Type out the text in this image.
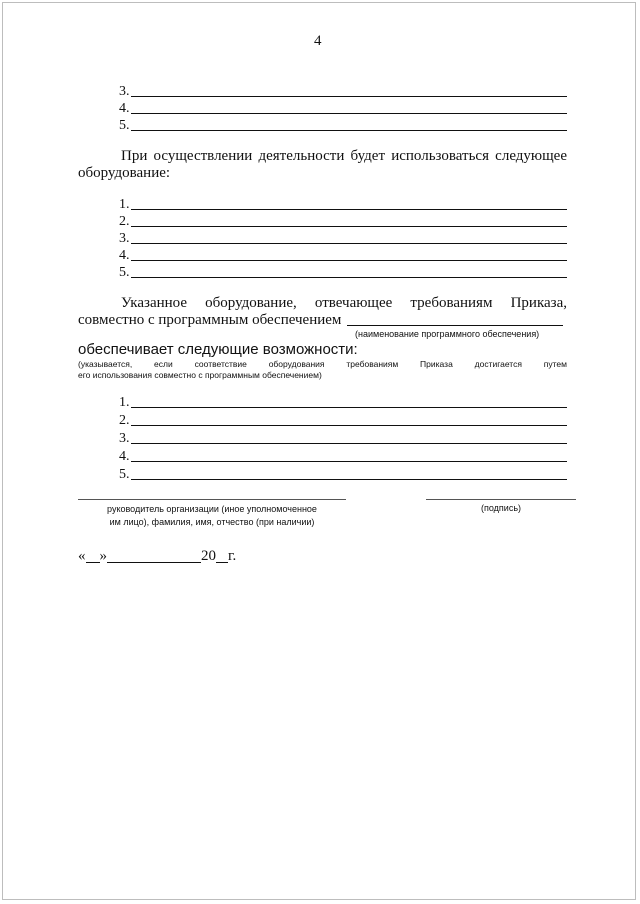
4
3.
4.
5.
При осуществлении деятельности будет использоваться следующее
оборудование:
1.
2.
3.
4.
5.
Указанное оборудование, отвечающее требованиям Приказа,
совместно с программным обеспечением
(наименование программного обеспечения)
обеспечивает следующие возможности:
(указывается, если соответствие оборудования требованиям Приказа достигается путем
его использования совместно с программным обеспечением)
1.
2.
3.
4.
5.
руководитель организации (иное уполномоченное
им лицо), фамилия, имя, отчество (при наличии)
(подпись)
« »	20 г.
